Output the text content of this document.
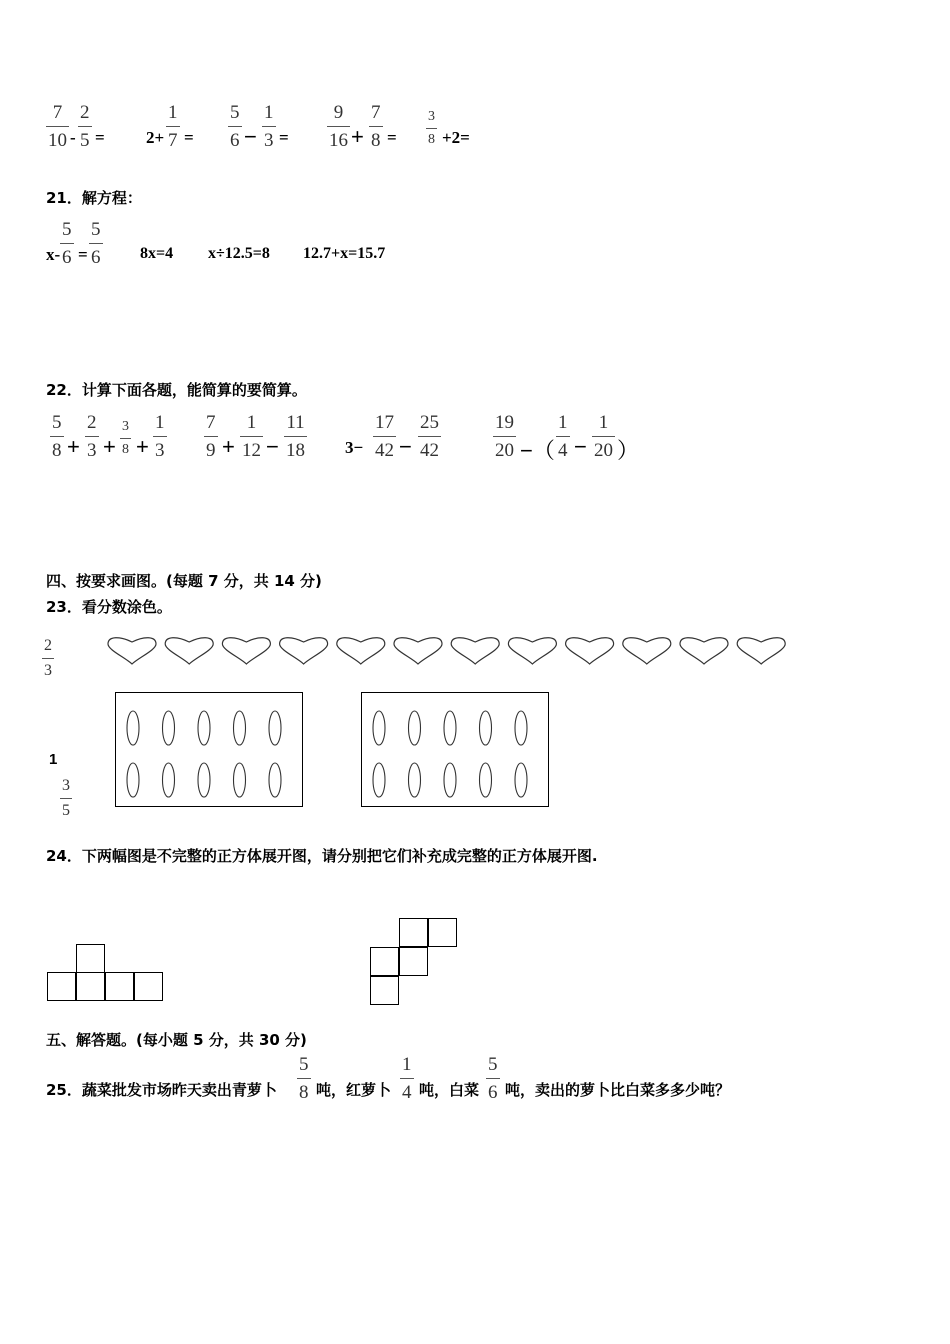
7
10 -
2
5 = 2+
1
7 =
5
6 −
1
3 =
9
16 +
7
8 =
3
8 +2=
21．解方程：
x-
5
6 =
5
6 8x=4 x÷12.5=8 12.7+x=15.7
22．计算下面各题，能简算的要简算。
5
8 +
2
3 +
3
8 +
1
3
7
9 +
1
12 −
11
18 3−
17
42 −
25
42
19
20 −（
1
4 −
1
20 ）
四、按要求画图。(每题 7 分，共 14 分)
23．看分数涂色。
2
3
1
3
5
24．下两幅图是不完整的正方体展开图，请分别把它们补充成完整的正方体展开图.
五、解答题。(每小题 5 分，共 30 分)
25．蔬菜批发市场昨天卖出青萝卜
5
8 吨，红萝卜
1
4 吨，白菜
5
6 吨，卖出的萝卜比白菜多多少吨？
